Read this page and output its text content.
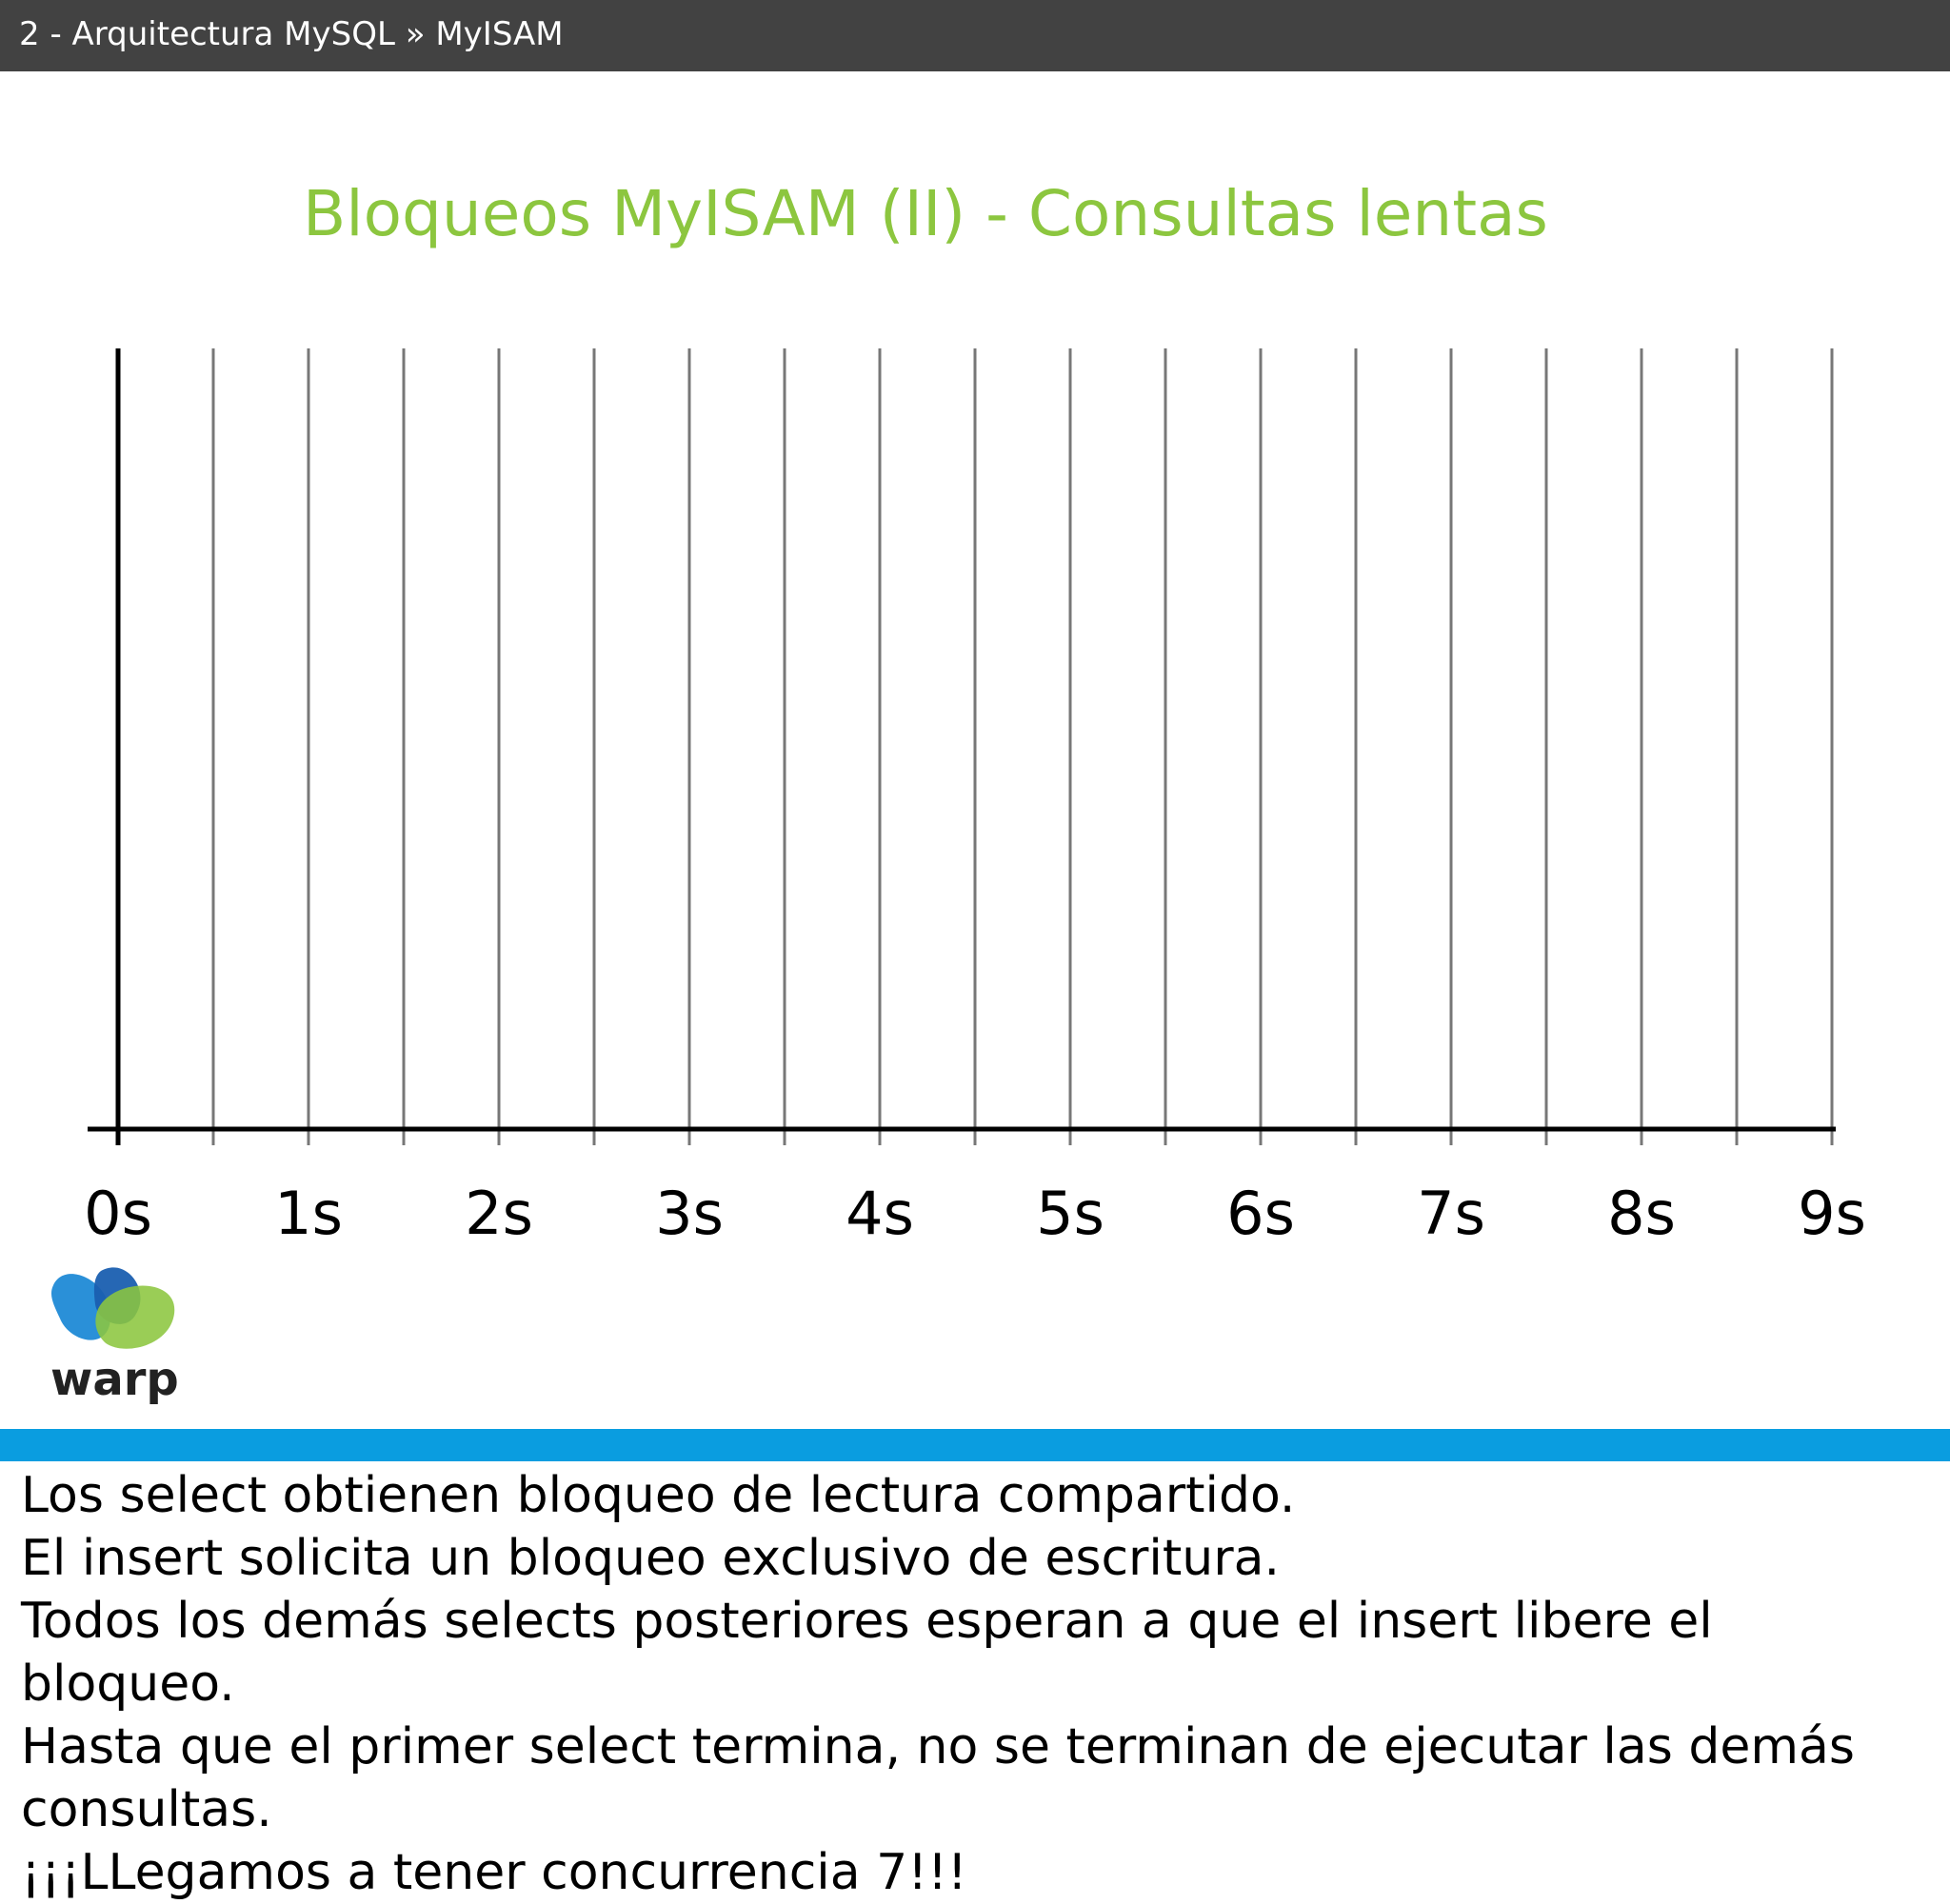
2 - Arquitectura MySQL » MyISAM
Bloqueos MyISAM (II) - Consultas lentas
0s 1s 2s 3s 4s 5s 6s 7s 8s 9s
warp

Los select obtienen bloqueo de lectura compartido.

El insert solicita un bloqueo exclusivo de escritura.

Todos los demás selects posteriores esperan a que el insert libere el bloqueo.

Hasta que el primer select termina, no se terminan de ejecutar las demás consultas.

¡¡¡LLegamos a tener concurrencia 7!!!
